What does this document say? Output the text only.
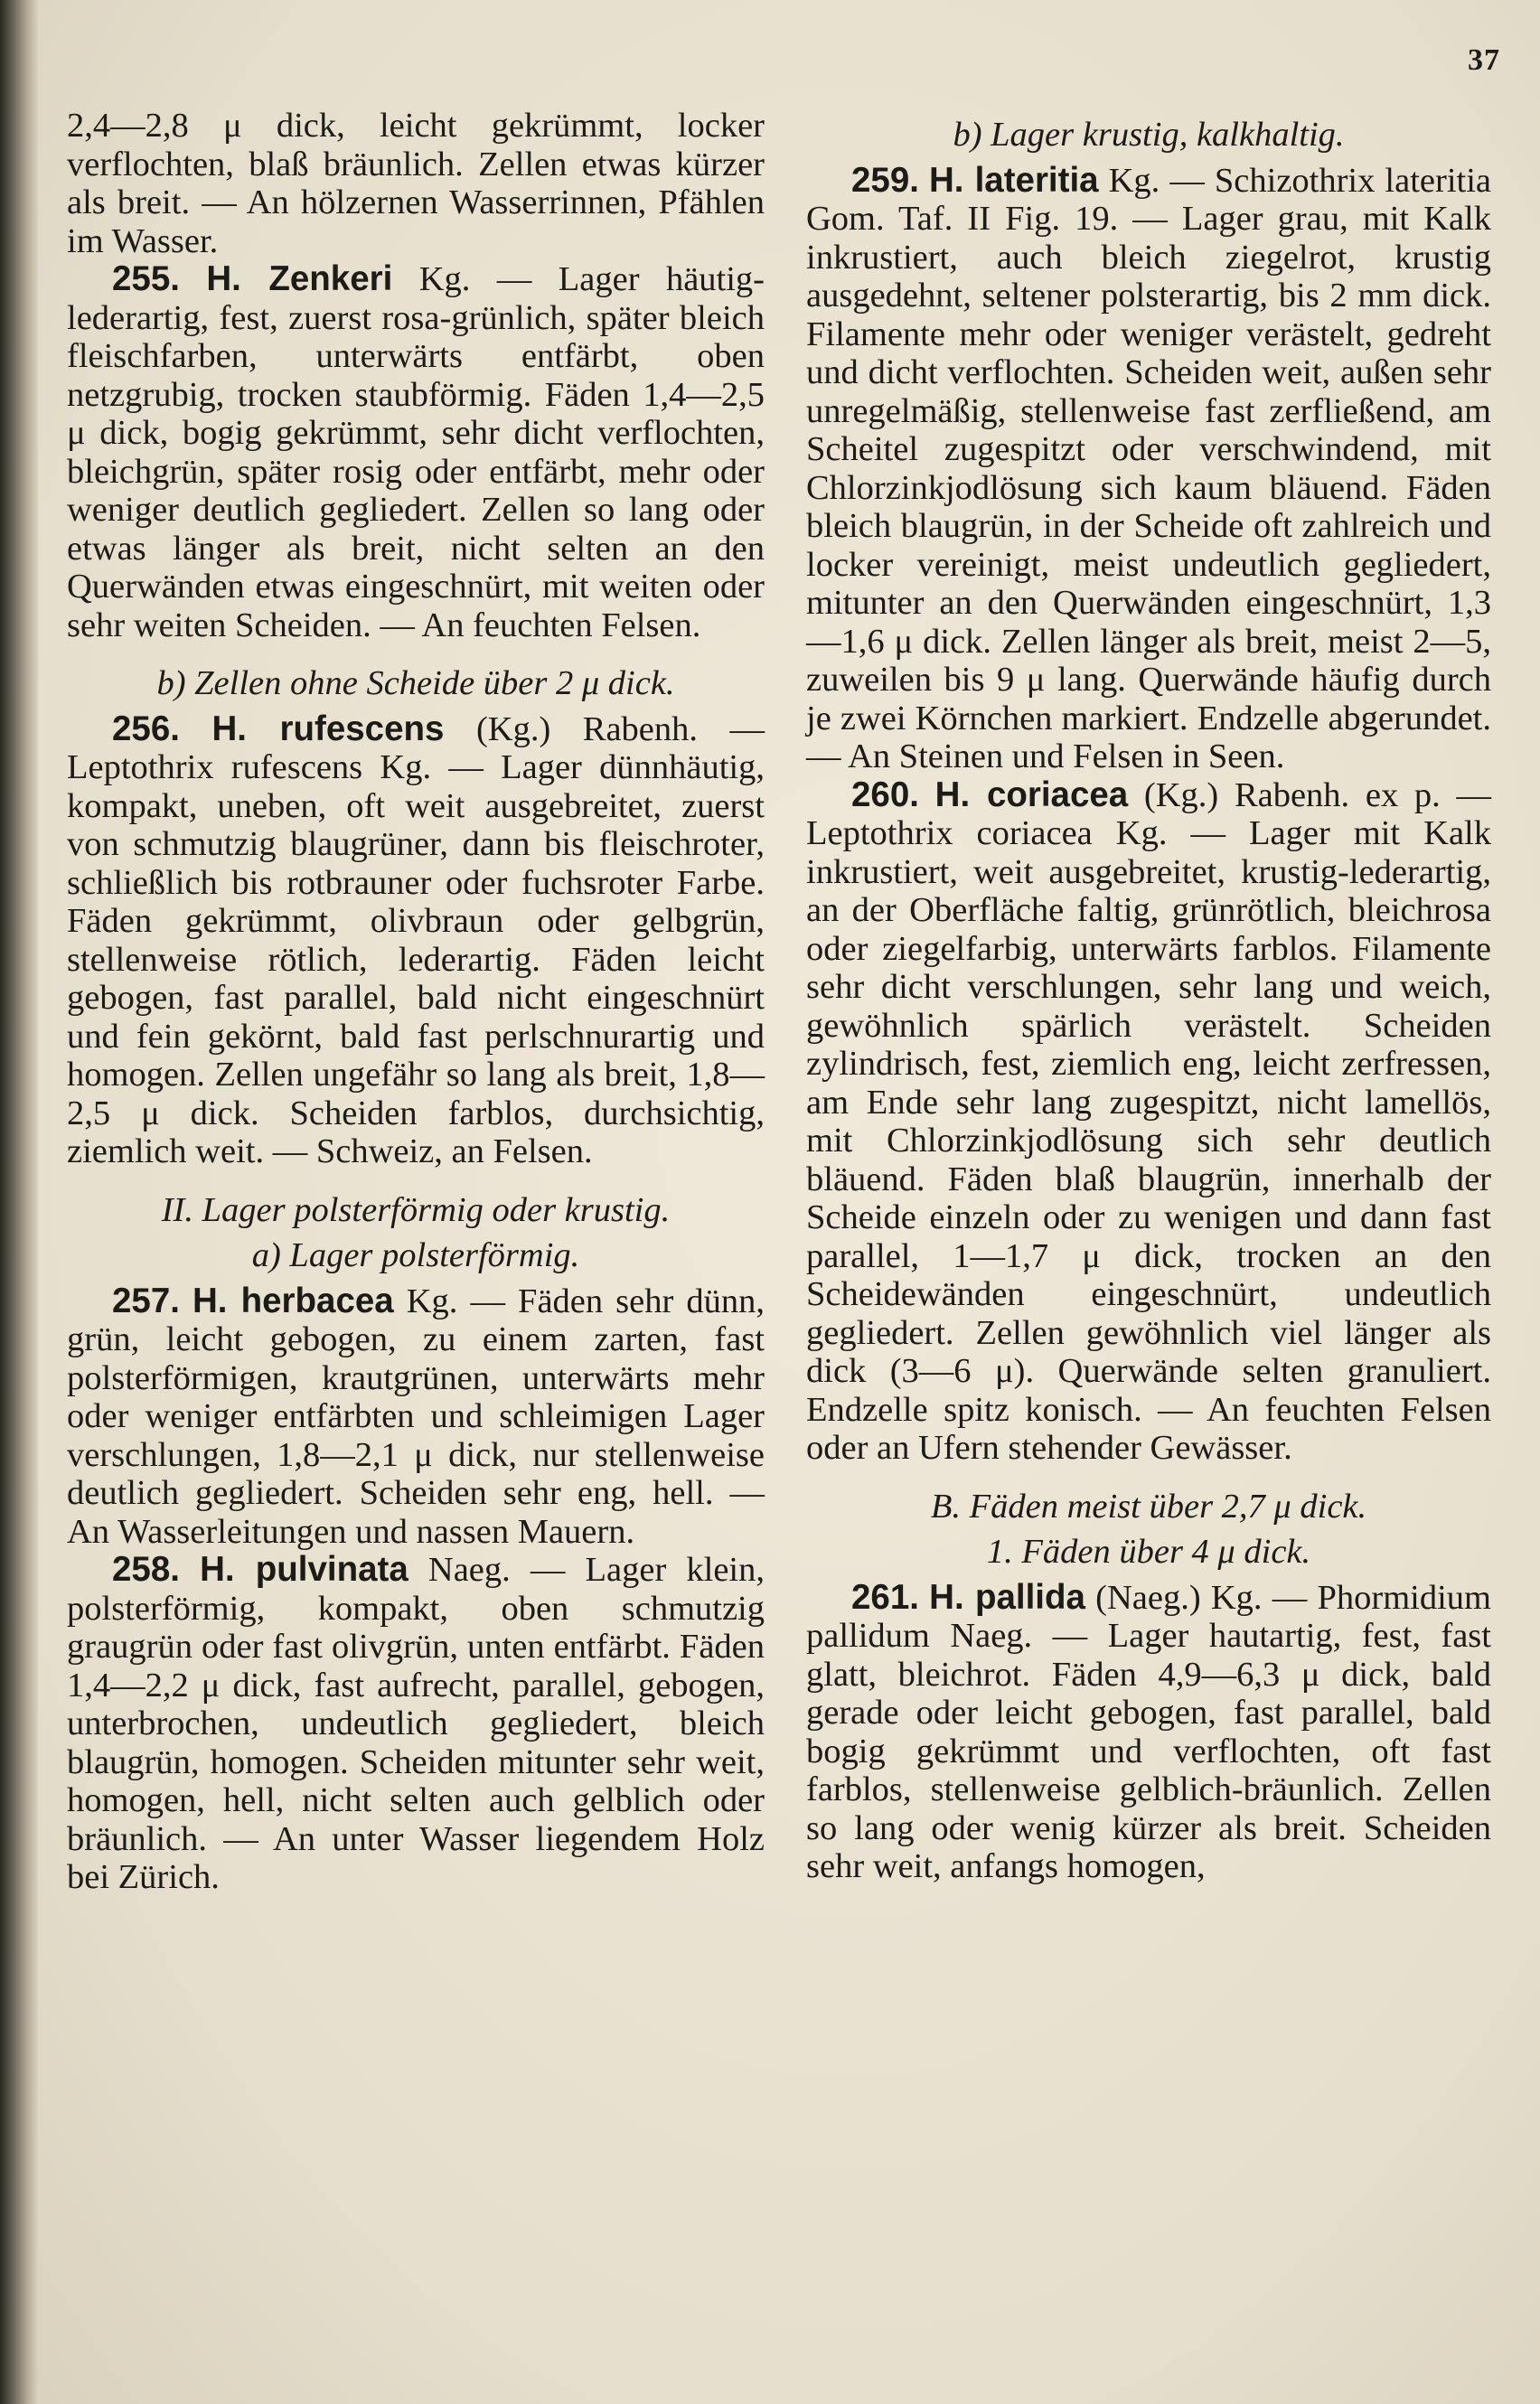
37

2,4—2,8 μ dick, leicht gekrümmt, locker verflochten, blaß bräunlich. Zellen etwas kürzer als breit. — An hölzernen Wasserrinnen, Pfählen im Wasser.

255. H. Zenkeri Kg. — Lager häutig-lederartig, fest, zuerst rosa-grünlich, später bleich fleischfarben, unterwärts entfärbt, oben netzgrubig, trocken staubförmig. Fäden 1,4—2,5 μ dick, bogig gekrümmt, sehr dicht verflochten, bleichgrün, später rosig oder entfärbt, mehr oder weniger deutlich gegliedert. Zellen so lang oder etwas länger als breit, nicht selten an den Querwänden etwas eingeschnürt, mit weiten oder sehr weiten Scheiden. — An feuchten Felsen.

b) Zellen ohne Scheide über 2 μ dick.

256. H. rufescens (Kg.) Rabenh. — Leptothrix rufescens Kg. — Lager dünnhäutig, kompakt, uneben, oft weit ausgebreitet, zuerst von schmutzig blaugrüner, dann bis fleischroter, schließlich bis rotbrauner oder fuchsroter Farbe. Fäden gekrümmt, olivbraun oder gelbgrün, stellenweise rötlich, lederartig. Fäden leicht gebogen, fast parallel, bald nicht eingeschnürt und fein gekörnt, bald fast perlschnurartig und homogen. Zellen ungefähr so lang als breit, 1,8—2,5 μ dick. Scheiden farblos, durchsichtig, ziemlich weit. — Schweiz, an Felsen.

II. Lager polsterförmig oder krustig.

a) Lager polsterförmig.

257. H. herbacea Kg. — Fäden sehr dünn, grün, leicht gebogen, zu einem zarten, fast polsterförmigen, krautgrünen, unterwärts mehr oder weniger entfärbten und schleimigen Lager verschlungen, 1,8—2,1 μ dick, nur stellenweise deutlich gegliedert. Scheiden sehr eng, hell. — An Wasserleitungen und nassen Mauern.

258. H. pulvinata Naeg. — Lager klein, polsterförmig, kompakt, oben schmutzig graugrün oder fast olivgrün, unten entfärbt. Fäden 1,4—2,2 μ dick, fast aufrecht, parallel, gebogen, unterbrochen, undeutlich gegliedert, bleich blaugrün, homogen. Scheiden mitunter sehr weit, homogen, hell, nicht selten auch gelblich oder bräunlich. — An unter Wasser liegendem Holz bei Zürich.

b) Lager krustig, kalkhaltig.

259. H. lateritia Kg. — Schizothrix lateritia Gom. Taf. II Fig. 19. — Lager grau, mit Kalk inkrustiert, auch bleich ziegelrot, krustig ausgedehnt, seltener polsterartig, bis 2 mm dick. Filamente mehr oder weniger verästelt, gedreht und dicht verflochten. Scheiden weit, außen sehr unregelmäßig, stellenweise fast zerfließend, am Scheitel zugespitzt oder verschwindend, mit Chlorzinkjodlösung sich kaum bläuend. Fäden bleich blaugrün, in der Scheide oft zahlreich und locker vereinigt, meist undeutlich gegliedert, mitunter an den Querwänden eingeschnürt, 1,3—1,6 μ dick. Zellen länger als breit, meist 2—5, zuweilen bis 9 μ lang. Querwände häufig durch je zwei Körnchen markiert. Endzelle abgerundet. — An Steinen und Felsen in Seen.

260. H. coriacea (Kg.) Rabenh. ex p. — Leptothrix coriacea Kg. — Lager mit Kalk inkrustiert, weit ausgebreitet, krustig-lederartig, an der Oberfläche faltig, grünrötlich, bleichrosa oder ziegelfarbig, unterwärts farblos. Filamente sehr dicht verschlungen, sehr lang und weich, gewöhnlich spärlich verästelt. Scheiden zylindrisch, fest, ziemlich eng, leicht zerfressen, am Ende sehr lang zugespitzt, nicht lamellös, mit Chlorzinkjodlösung sich sehr deutlich bläuend. Fäden blaß blaugrün, innerhalb der Scheide einzeln oder zu wenigen und dann fast parallel, 1—1,7 μ dick, trocken an den Scheidewänden eingeschnürt, undeutlich gegliedert. Zellen gewöhnlich viel länger als dick (3—6 μ). Querwände selten granuliert. Endzelle spitz konisch. — An feuchten Felsen oder an Ufern stehender Gewässer.

B. Fäden meist über 2,7 μ dick.

1. Fäden über 4 μ dick.

261. H. pallida (Naeg.) Kg. — Phormidium pallidum Naeg. — Lager hautartig, fest, fast glatt, bleichrot. Fäden 4,9—6,3 μ dick, bald gerade oder leicht gebogen, fast parallel, bald bogig gekrümmt und verflochten, oft fast farblos, stellenweise gelblich-bräunlich. Zellen so lang oder wenig kürzer als breit. Scheiden sehr weit, anfangs homogen,
